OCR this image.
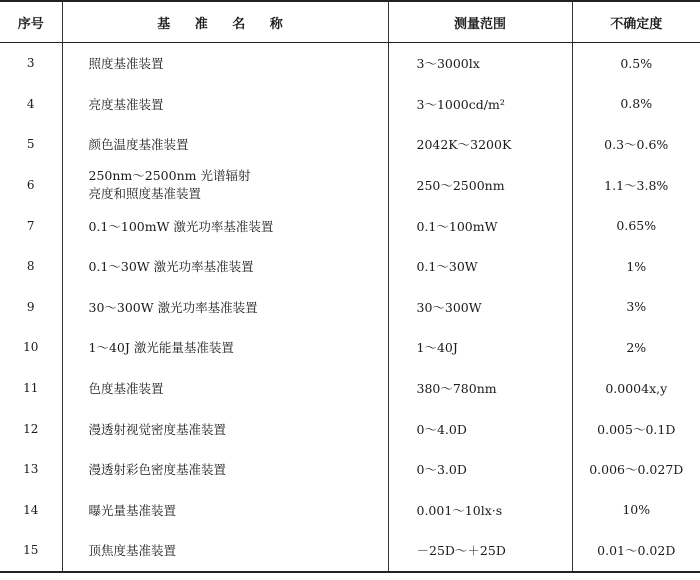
序号	基 准 名 称	测量范围	不确定度
3	照度基准装置	3～3000lx	0.5%
4	亮度基准装置	3～1000cd/m²	0.8%
5	颜色温度基准装置	2042K～3200K	0.3～0.6%
6	250nm～2500nm 光谱辐射
亮度和照度基准装置	250～2500nm	1.1～3.8%
7	0.1～100mW 激光功率基准装置	0.1～100mW	0.65%
8	0.1～30W 激光功率基准装置	0.1～30W	1%
9	30～300W 激光功率基准装置	30～300W	3%
10	1～40J 激光能量基准装置	1～40J	2%
11	色度基准装置	380～780nm	0.0004x,y
12	漫透射视觉密度基准装置	0～4.0D	0.005～0.1D
13	漫透射彩色密度基准装置	0～3.0D	0.006～0.027D
14	曝光量基准装置	0.001～10lx·s	10%
15	顶焦度基准装置	－25D～＋25D	0.01～0.02D
